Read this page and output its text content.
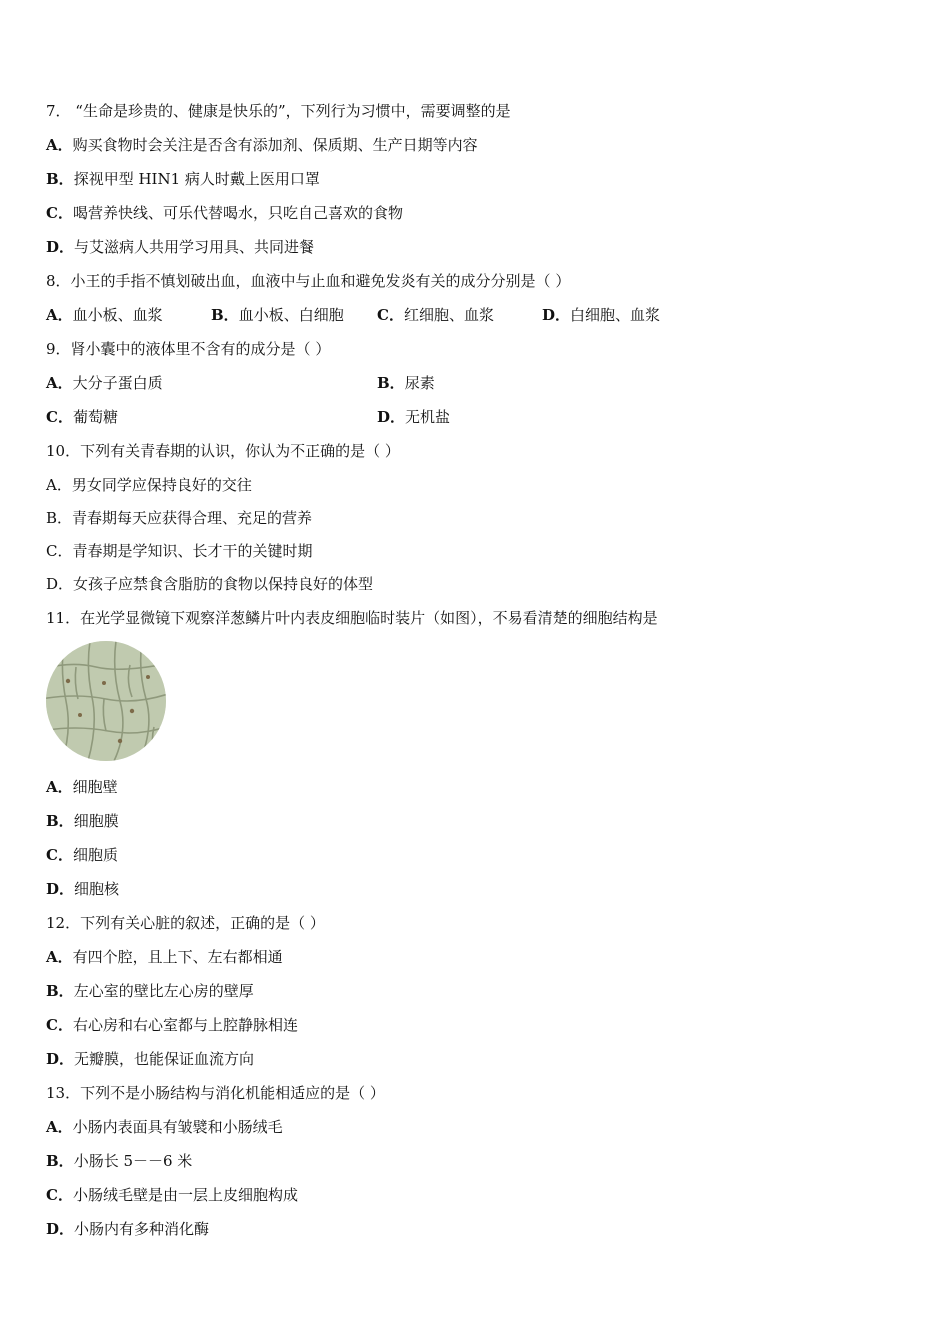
7． “生命是珍贵的、健康是快乐的”，下列行为习惯中，需要调整的是
A．购买食物时会关注是否含有添加剂、保质期、生产日期等内容
B．探视甲型 HIN1 病人时戴上医用口罩
C．喝营养快线、可乐代替喝水，只吃自己喜欢的食物
D．与艾滋病人共用学习用具、共同进餐
8．小王的手指不慎划破出血，血液中与止血和避免发炎有关的成分分别是（ ）
A．血小板、血浆	B．血小板、白细胞 C．红细胞、血浆	D．白细胞、血浆
9．肾小囊中的液体里不含有的成分是（ ）
A．大分子蛋白质	B．尿素
C．葡萄糖	D．无机盐
10．下列有关青春期的认识，你认为不正确的是（ ）
A．男女同学应保持良好的交往
B．青春期每天应获得合理、充足的营养
C．青春期是学知识、长才干的关键时期
D．女孩子应禁食含脂肪的食物以保持良好的体型
11．在光学显微镜下观察洋葱鳞片叶内表皮细胞临时装片（如图），不易看清楚的细胞结构是
A．细胞壁
B．细胞膜
C．细胞质
D．细胞核
12．下列有关心脏的叙述，正确的是（ ）
A．有四个腔，且上下、左右都相通
B．左心室的壁比左心房的壁厚
C．右心房和右心室都与上腔静脉相连
D．无瓣膜，也能保证血流方向
13．下列不是小肠结构与消化机能相适应的是（ ）
A．小肠内表面具有皱襞和小肠绒毛
B．小肠长 5－－6 米
C．小肠绒毛壁是由一层上皮细胞构成
D．小肠内有多种消化酶
